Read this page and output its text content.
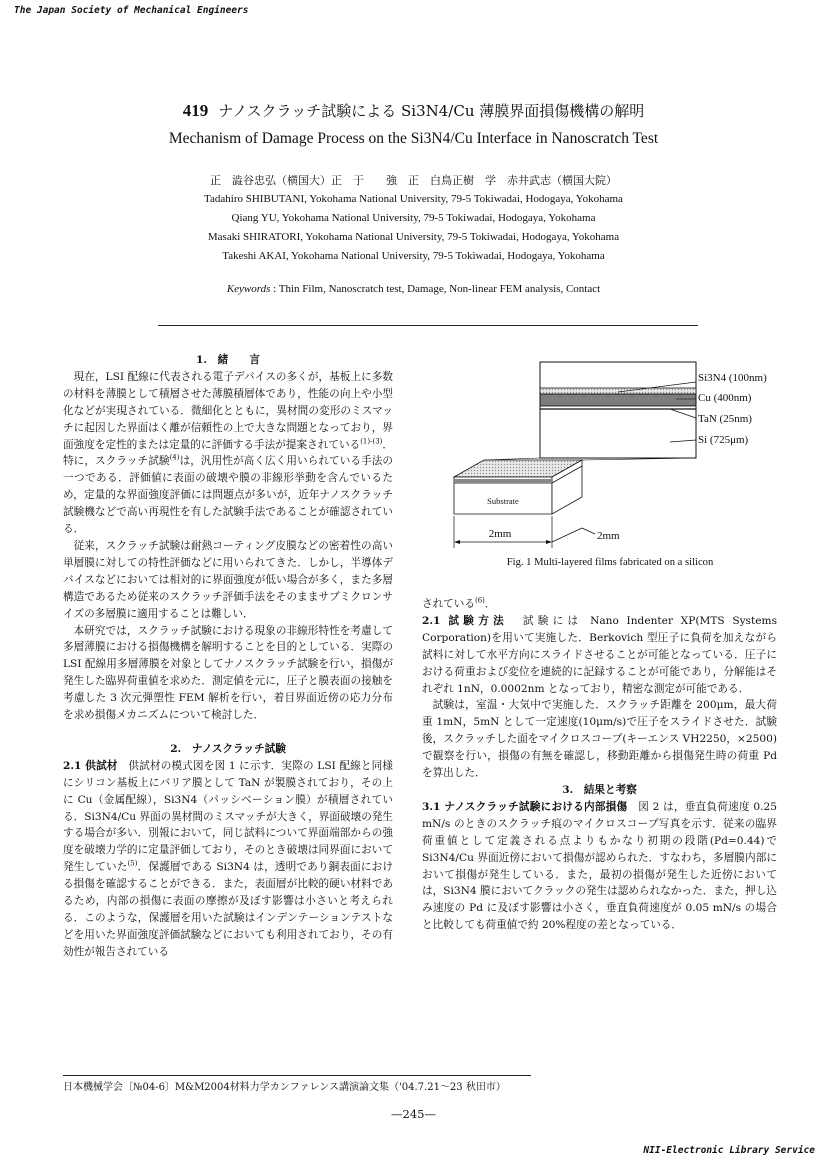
The Japan Society of Mechanical Engineers
419 ナノスクラッチ試験による Si3N4/Cu 薄膜界面損傷機構の解明
Mechanism of Damage Process on the Si3N4/Cu Interface in Nanoscratch Test
正　澁谷忠弘（横国大）正　于　　強　正　白鳥正樹　学　赤井武志（横国大院）
Tadahiro SHIBUTANI, Yokohama National University, 79-5 Tokiwadai, Hodogaya, Yokohama
Qiang YU, Yokohama National University, 79-5 Tokiwadai, Hodogaya, Yokohama
Masaki SHIRATORI, Yokohama National University, 79-5 Tokiwadai, Hodogaya, Yokohama
Takeshi AKAI, Yokohama National University, 79-5 Tokiwadai, Hodogaya, Yokohama
Keywords : Thin Film, Nanoscratch test, Damage, Non-linear FEM analysis, Contact
1.　緒　　言

現在，LSI 配線に代表される電子デバイスの多くが，基板上に多数の材料を薄膜として積層させた薄膜積層体であり，性能の向上や小型化などが実現されている．微細化とともに，異材間の変形のミスマッチに起因した界面はく離が信頼性の上で大きな問題となっており，界面強度を定性的または定量的に評価する手法が提案されている$^{(1)-(3)}$．特に，スクラッチ試験$^{(4)}$は，汎用性が高く広く用いられている手法の一つである．評価値に表面の破壊や膜の非線形挙動を含んでいるため，定量的な界面強度評価には問題点が多いが，近年ナノスクラッチ試験機などで高い再現性を有した試験手法であることが確認されている．

従来，スクラッチ試験は耐熱コーティング皮膜などの密着性の高い単層膜に対しての特性評価などに用いられてきた．しかし，半導体デバイスなどにおいては相対的に界面強度が低い場合が多く，また多層構造であるため従来のスクラッチ評価手法をそのままサブミクロンサイズの多層膜に適用することは難しい．

本研究では，スクラッチ試験における現象の非線形特性を考慮して多層薄膜における損傷機構を解明することを目的としている．実際の LSI 配線用多層薄膜を対象としてナノスクラッチ試験を行い，損傷が発生した臨界荷重値を求めた．測定値を元に，圧子と膜表面の接触を考慮した 3 次元弾塑性 FEM 解析を行い，着目界面近傍の応力分布を求め損傷メカニズムについて検討した．

2.　ナノスクラッチ試験

2.1 供試材　供試材の模式図を図 1 に示す．実際の LSI 配線と同様にシリコン基板上にバリア膜として TaN が製膜されており，その上に Cu（金属配線），Si3N4（パッシベーション膜）が積層されている．Si3N4/Cu 界面の異材間のミスマッチが大きく，界面破壊の発生する場合が多い．別報において，同じ試料について界面端部からの強度を破壊力学的に定量評価しており，そのとき破壊は同界面において発生していた$^{(5)}$．保護層である Si3N4 は，透明であり銅表面における損傷を確認することができる．また，表面層が比較的硬い材料であるため，内部の損傷に表面の摩擦が及ぼす影響は小さいと考えられる．このような，保護層を用いた試験はインデンテーションテストなどを用いた界面強度評価試験などにおいても利用されており，その有効性が報告されている

Si3N4 (100nm)
Cu (400nm)
TaN (25nm)
Si (725μm)
Substrate
2mm	2mm
Fig. 1 Multi-layered films fabricated on a silicon

されている$^{(6)}$．

2.1 試験方法　試験には Nano Indenter XP(MTS Systems Corporation)を用いて実施した．Berkovich 型圧子に負荷を加えながら試料に対して水平方向にスライドさせることが可能となっている．圧子における荷重および変位を連続的に記録することが可能であり，分解能はそれぞれ 1nN，0.0002nm となっており，精密な測定が可能である．

試験は，室温・大気中で実施した．スクラッチ距離を 200μm，最大荷重 1mN，5mN として一定速度(10μm/s)で圧子をスライドさせた．試験後，スクラッチした面をマイクロスコープ(キーエンス VH2250，×2500)で観察を行い，損傷の有無を確認し，移動距離から損傷発生時の荷重 Pd を算出した．

3.　結果と考察

3.1 ナノスクラッチ試験における内部損傷　図 2 は，垂直負荷速度 0.25 mN/s のときのスクラッチ痕のマイクロスコープ写真を示す．従来の臨界荷重値として定義される点よりもかなり初期の段階(Pd=0.44)で Si3N4/Cu 界面近傍において損傷が認められた．すなわち，多層膜内部において損傷が発生している．また，最初の損傷が発生した近傍においては，Si3N4 膜においてクラックの発生は認められなかった．また，押し込み速度の Pd に及ぼす影響は小さく，垂直負荷速度が 0.05 mN/s の場合と比較しても荷重値で約 20%程度の差となっている．

日本機械学会〔№04-6〕M&M2004材料力学カンファレンス講演論文集（'04.7.21〜23 秋田市）
—245—
NII-Electronic Library Service
